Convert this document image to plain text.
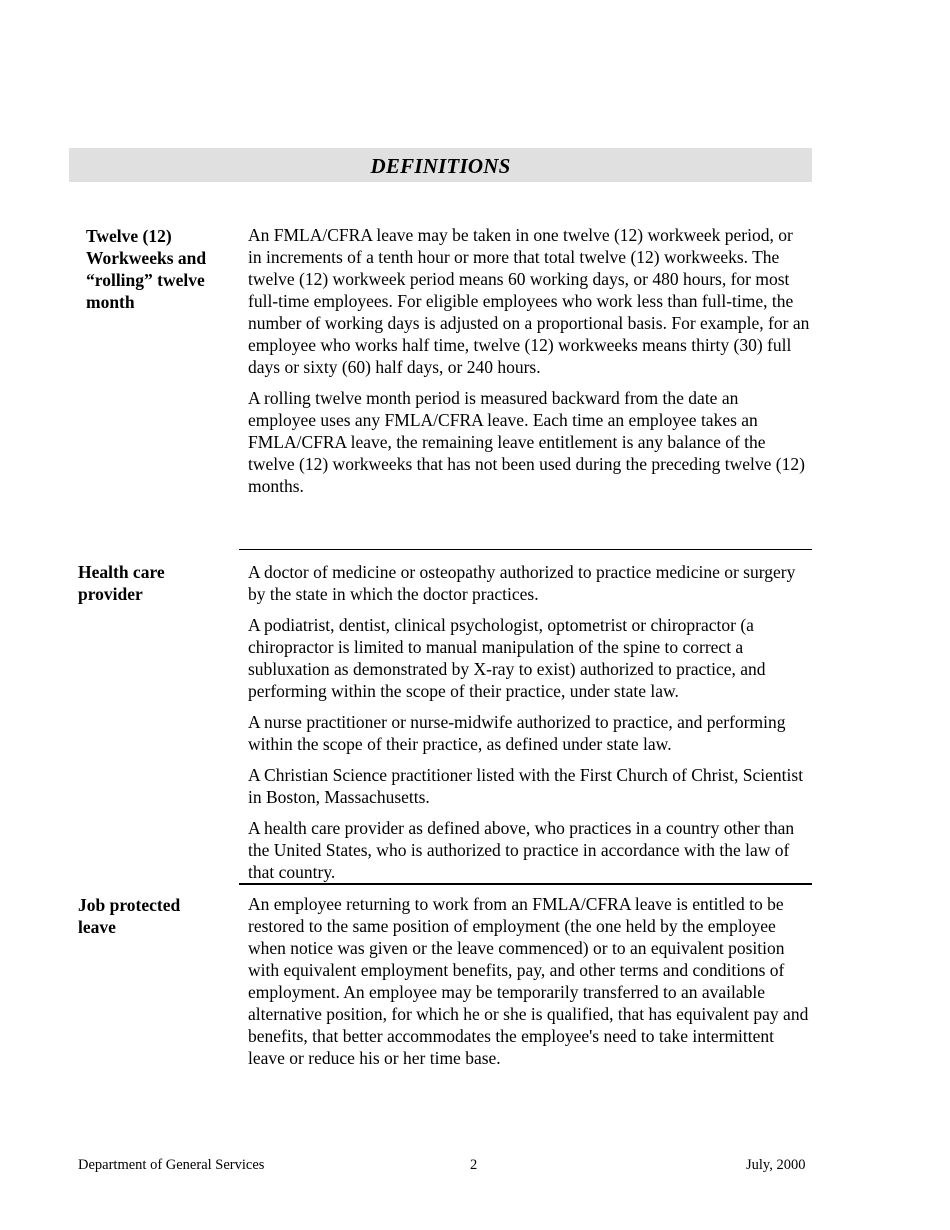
DEFINITIONS
Twelve (12) Workweeks and “rolling” twelve month

An FMLA/CFRA leave may be taken in one twelve (12) workweek period, or in increments of a tenth hour or more that total twelve (12) workweeks. The twelve (12) workweek period means 60 working days, or 480 hours, for most full-time employees. For eligible employees who work less than full-time, the number of working days is adjusted on a proportional basis. For example, for an employee who works half time, twelve (12) workweeks means thirty (30) full days or sixty (60) half days, or 240 hours.

A rolling twelve month period is measured backward from the date an employee uses any FMLA/CFRA leave. Each time an employee takes an FMLA/CFRA leave, the remaining leave entitlement is any balance of the twelve (12) workweeks that has not been used during the preceding twelve (12) months.

Health care provider

A doctor of medicine or osteopathy authorized to practice medicine or surgery by the state in which the doctor practices.

A podiatrist, dentist, clinical psychologist, optometrist or chiropractor (a chiropractor is limited to manual manipulation of the spine to correct a subluxation as demonstrated by X-ray to exist) authorized to practice, and performing within the scope of their practice, under state law.

A nurse practitioner or nurse-midwife authorized to practice, and performing within the scope of their practice, as defined under state law.

A Christian Science practitioner listed with the First Church of Christ, Scientist in Boston, Massachusetts.

A health care provider as defined above, who practices in a country other than the United States, who is authorized to practice in accordance with the law of that country.

Job protected leave

An employee returning to work from an FMLA/CFRA leave is entitled to be restored to the same position of employment (the one held by the employee when notice was given or the leave commenced) or to an equivalent position with equivalent employment benefits, pay, and other terms and conditions of employment. An employee may be temporarily transferred to an available alternative position, for which he or she is qualified, that has equivalent pay and benefits, that better accommodates the employee's need to take intermittent leave or reduce his or her time base.

Department of General Services	2	July, 2000
